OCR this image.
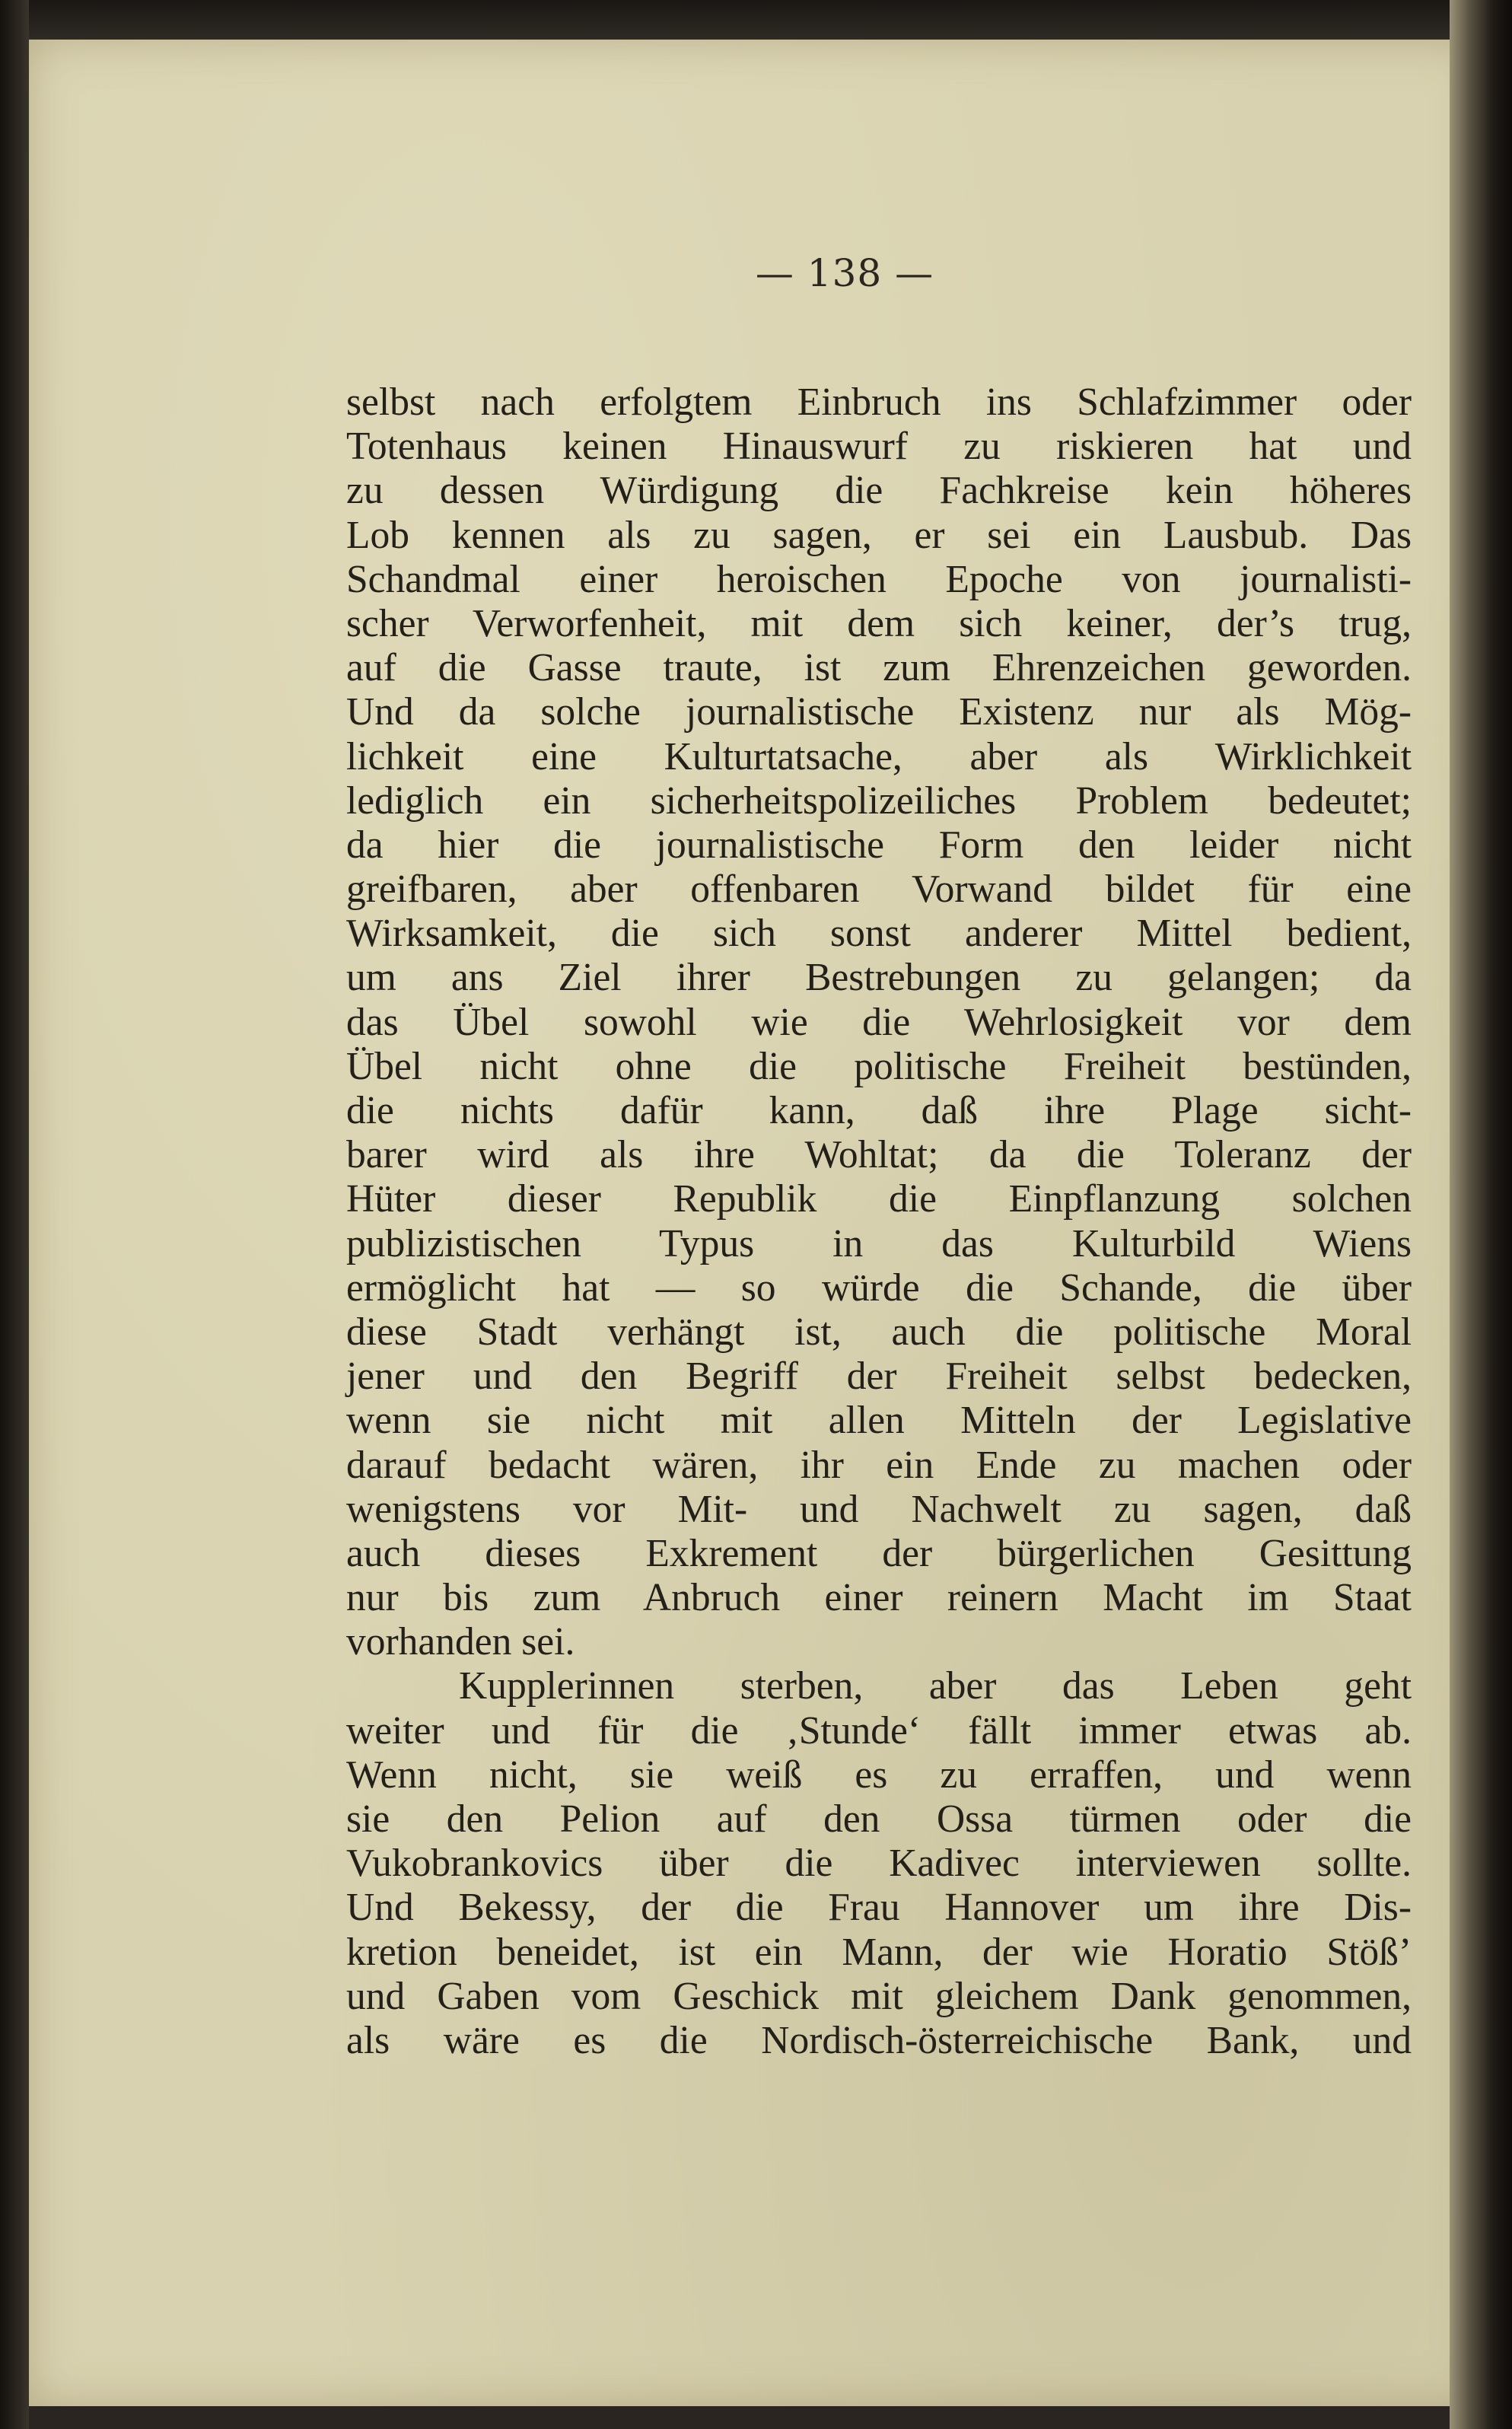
— 138 —
selbst nach erfolgtem Einbruch ins Schlafzimmer oder
Totenhaus keinen Hinauswurf zu riskieren hat und
zu dessen Würdigung die Fachkreise kein höheres
Lob kennen als zu sagen, er sei ein Lausbub. Das
Schandmal einer heroischen Epoche von journalisti-
scher Verworfenheit, mit dem sich keiner, der’s trug,
auf die Gasse traute, ist zum Ehrenzeichen geworden.
Und da solche journalistische Existenz nur als Mög-
lichkeit eine Kulturtatsache, aber als Wirklichkeit
lediglich ein sicherheitspolizeiliches Problem bedeutet;
da hier die journalistische Form den leider nicht
greifbaren, aber offenbaren Vorwand bildet für eine
Wirksamkeit, die sich sonst anderer Mittel bedient,
um ans Ziel ihrer Bestrebungen zu gelangen; da
das Übel sowohl wie die Wehrlosigkeit vor dem
Übel nicht ohne die politische Freiheit bestünden,
die nichts dafür kann, daß ihre Plage sicht-
barer wird als ihre Wohltat; da die Toleranz der
Hüter dieser Republik die Einpflanzung solchen
publizistischen Typus in das Kulturbild Wiens
ermöglicht hat — so würde die Schande, die über
diese Stadt verhängt ist, auch die politische Moral
jener und den Begriff der Freiheit selbst bedecken,
wenn sie nicht mit allen Mitteln der Legislative
darauf bedacht wären, ihr ein Ende zu machen oder
wenigstens vor Mit- und Nachwelt zu sagen, daß
auch dieses Exkrement der bürgerlichen Gesittung
nur bis zum Anbruch einer reinern Macht im Staat
vorhanden sei.
Kupplerinnen sterben, aber das Leben geht
weiter und für die ‚Stunde‘ fällt immer etwas ab.
Wenn nicht, sie weiß es zu erraffen, und wenn
sie den Pelion auf den Ossa türmen oder die
Vukobrankovics über die Kadivec interviewen sollte.
Und Bekessy, der die Frau Hannover um ihre Dis-
kretion beneidet, ist ein Mann, der wie Horatio Stöß’
und Gaben vom Geschick mit gleichem Dank genommen,
als wäre es die Nordisch-österreichische Bank, und
